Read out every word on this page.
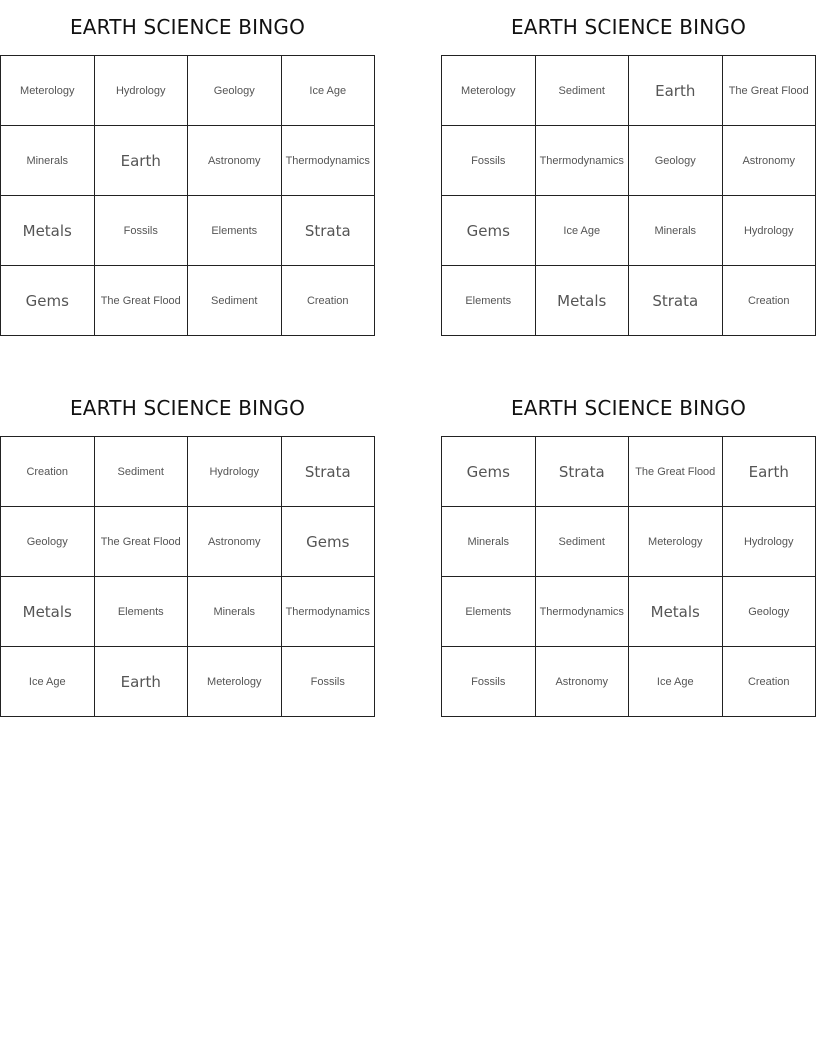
EARTH SCIENCE BINGO
Meterology	Hydrology	Geology	Ice Age
Minerals	Earth	Astronomy	Thermodynamics
Metals	Fossils	Elements	Strata
Gems	The Great Flood	Sediment	Creation
EARTH SCIENCE BINGO
Meterology	Sediment	Earth	The Great Flood
Fossils	Thermodynamics	Geology	Astronomy
Gems	Ice Age	Minerals	Hydrology
Elements	Metals	Strata	Creation
EARTH SCIENCE BINGO
Creation	Sediment	Hydrology	Strata
Geology	The Great Flood	Astronomy	Gems
Metals	Elements	Minerals	Thermodynamics
Ice Age	Earth	Meterology	Fossils
EARTH SCIENCE BINGO
Gems	Strata	The Great Flood	Earth
Minerals	Sediment	Meterology	Hydrology
Elements	Thermodynamics	Metals	Geology
Fossils	Astronomy	Ice Age	Creation
